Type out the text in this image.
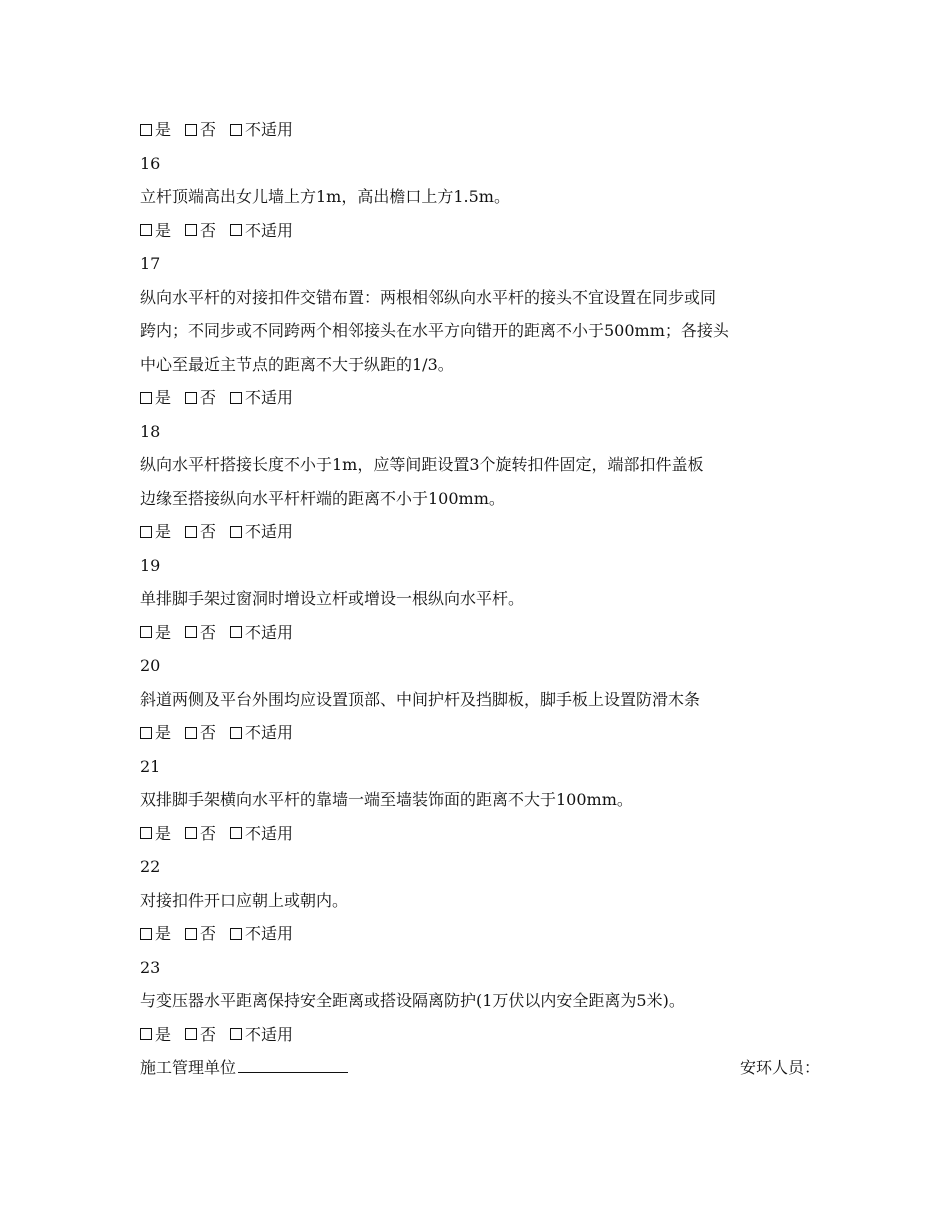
是 否 不适用
16
立杆顶端高出女儿墙上方1m，高出檐口上方1.5m。
是 否 不适用
17
纵向水平杆的对接扣件交错布置：两根相邻纵向水平杆的接头不宜设置在同步或同
跨内；不同步或不同跨两个相邻接头在水平方向错开的距离不小于500mm；各接头
中心至最近主节点的距离不大于纵距的1/3。
是 否 不适用
18
纵向水平杆搭接长度不小于1m，应等间距设置3个旋转扣件固定，端部扣件盖板
边缘至搭接纵向水平杆杆端的距离不小于100mm。
是 否 不适用
19
单排脚手架过窗洞时增设立杆或增设一根纵向水平杆。
是 否 不适用
20
斜道两侧及平台外围均应设置顶部、中间护杆及挡脚板，脚手板上设置防滑木条
是 否 不适用
21
双排脚手架横向水平杆的靠墙一端至墙装饰面的距离不大于100mm。
是 否 不适用
22
对接扣件开口应朝上或朝内。
是 否 不适用
23
与变压器水平距离保持安全距离或搭设隔离防护(1万伏以内安全距离为5米)。
是 否 不适用
施工管理单位	安环人员：
